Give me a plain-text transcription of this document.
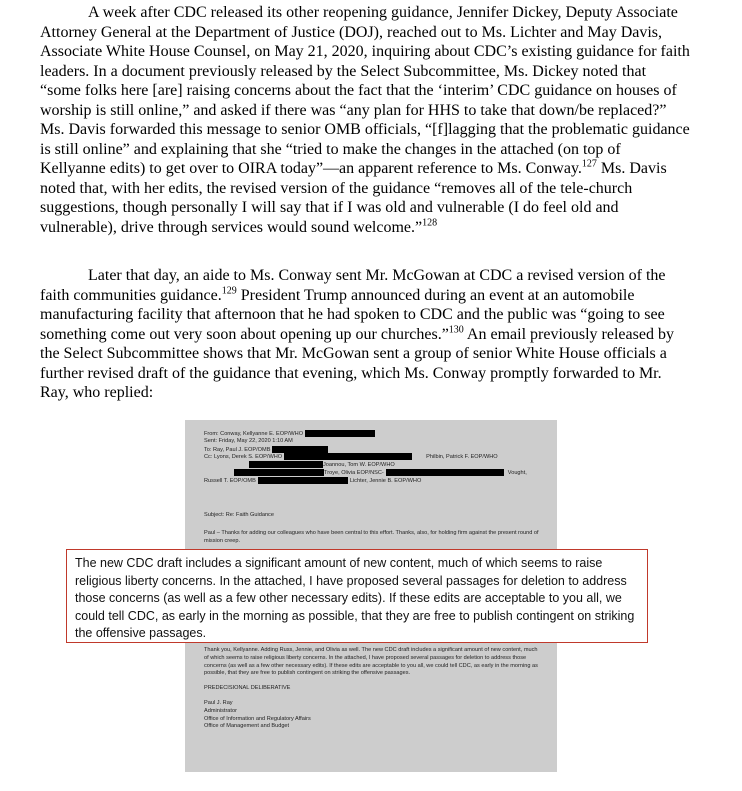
A week after CDC released its other reopening guidance, Jennifer Dickey, Deputy Associate Attorney General at the Department of Justice (DOJ), reached out to Ms. Lichter and May Davis, Associate White House Counsel, on May 21, 2020, inquiring about CDC’s existing guidance for faith leaders. In a document previously released by the Select Subcommittee, Ms. Dickey noted that “some folks here [are] raising concerns about the fact that the ‘interim’ CDC guidance on houses of worship is still online,” and asked if there was “any plan for HHS to take that down/be replaced?” Ms. Davis forwarded this message to senior OMB officials, “[f]lagging that the problematic guidance is still online” and explaining that she “tried to make the changes in the attached (on top of Kellyanne edits) to get over to OIRA today”—an apparent reference to Ms. Conway.$^{127}$ Ms. Davis noted that, with her edits, the revised version of the guidance “removes all of the tele-church suggestions, though personally I will say that if I was old and vulnerable (I do feel old and vulnerable), drive through services would sound welcome.”$^{128}$

Later that day, an aide to Ms. Conway sent Mr. McGowan at CDC a revised version of the faith communities guidance.$^{129}$ President Trump announced during an event at an automobile manufacturing facility that afternoon that he had spoken to CDC and the public was “going to see something come out very soon about opening up our churches.”$^{130}$ An email previously released by the Select Subcommittee shows that Mr. McGowan sent a group of senior White House officials a further revised draft of the guidance that evening, which Ms. Conway promptly forwarded to Mr. Ray, who replied:

From: Conway, Kellyanne E. EOP/WHO
Sent: Friday, May 22, 2020 1:10 AM
To: Ray, Paul J. EOP/OMB
Cc: Lyons, Derek S. EOP/WHO	Philbin, Patrick F. EOP/WHO
Joannou, Tom W. EOP/WHO
Troye, Olivia EOP/NSC-	Vought,
Russell T. EOP/OMB	Lichter, Jennie B. EOP/WHO
Subject: Re: Faith Guidance

Paul – Thanks for adding our colleagues who have been central to this effort. Thanks, also, for holding firm against the present round of mission creep.

Thank you, Kellyanne. Adding Russ, Jennie, and Olivia as well. The new CDC draft includes a significant amount of new content, much of which seems to raise religious liberty concerns. In the attached, I have proposed several passages for deletion to address those concerns (as well as a few other necessary edits). If these edits are acceptable to you all, we could tell CDC, as early in the morning as possible, that they are free to publish contingent on striking the offensive passages.

PREDECISIONAL DELIBERATIVE

Paul J. Ray
Administrator
Office of Information and Regulatory Affairs
Office of Management and Budget
The new CDC draft includes a significant amount of new content, much of which seems to raise religious liberty concerns. In the attached, I have proposed several passages for deletion to address those concerns (as well as a few other necessary edits). If these edits are acceptable to you all, we could tell CDC, as early in the morning as possible, that they are free to publish contingent on striking the offensive passages.
